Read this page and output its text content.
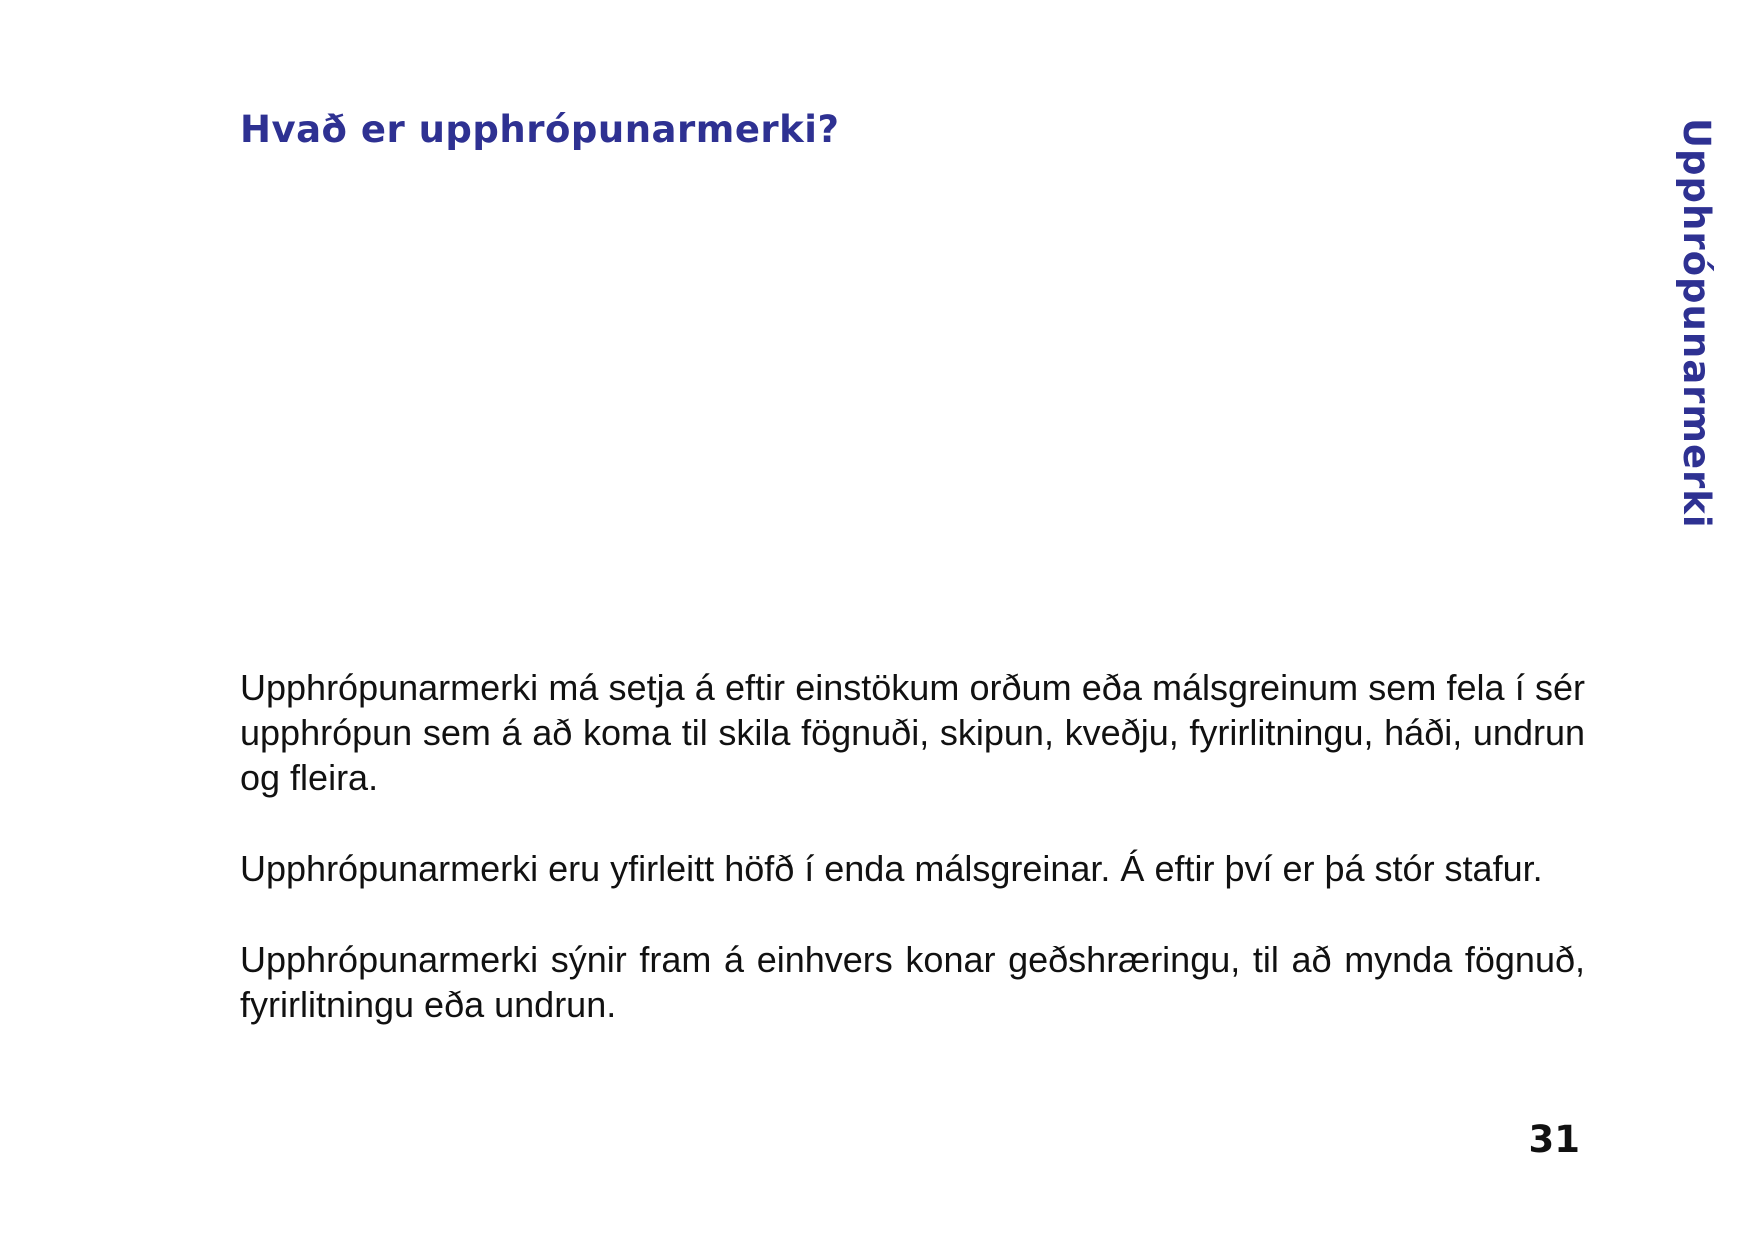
Hvað er upphrópunarmerki?	Upphrópunarmerki

Upphrópunarmerki má setja á eftir einstökum orðum eða málsgreinum sem fela í sér upphrópun sem á að koma til skila fögnuði, skipun, kveðju, fyrirlitningu, háði, undrun og fleira.

Upphrópunarmerki eru yfirleitt höfð í enda málsgreinar. Á eftir því er þá stór stafur.

Upphrópunarmerki sýnir fram á einhvers konar geðshræringu, til að mynda fögnuð, fyrirlitningu eða undrun.

31
